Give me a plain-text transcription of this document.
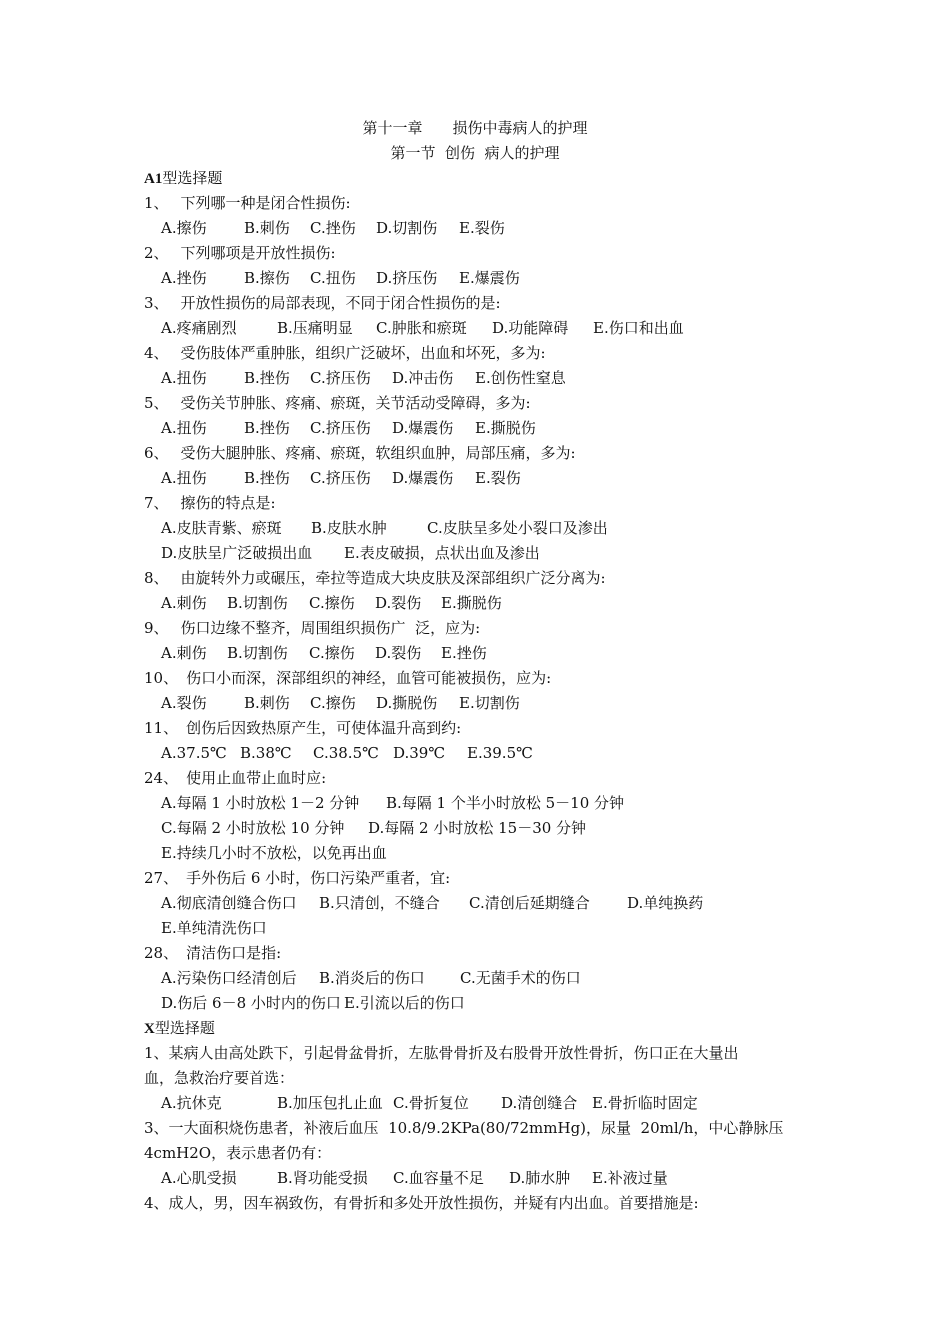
第十一章　　损伤中毒病人的护理
第一节  创伤  病人的护理
A1型选择题
1、 下列哪一种是闭合性损伤:
A.擦伤 B.刺伤 C.挫伤 D.切割伤 E.裂伤
2、 下列哪项是开放性损伤:
A.挫伤 B.擦伤 C.扭伤 D.挤压伤 E.爆震伤
3、 开放性损伤的局部表现，不同于闭合性损伤的是:
A.疼痛剧烈	B.压痛明显 C.肿胀和瘀斑 D.功能障碍 E.伤口和出血
4、 受伤肢体严重肿胀，组织广泛破坏，出血和坏死，多为:
A.扭伤 B.挫伤 C.挤压伤 D.冲击伤 E.创伤性窒息
5、 受伤关节肿胀、疼痛、瘀斑，关节活动受障碍，多为:
A.扭伤 B.挫伤 C.挤压伤 D.爆震伤 E.撕脱伤
6、 受伤大腿肿胀、疼痛、瘀斑，软组织血肿，局部压痛，多为:
A.扭伤 B.挫伤 C.挤压伤 D.爆震伤 E.裂伤
7、 擦伤的特点是:
A.皮肤青紫、瘀斑 B.皮肤水肿	C.皮肤呈多处小裂口及渗出
D.皮肤呈广泛破损出血 E.表皮破损，点状出血及渗出
8、 由旋转外力或碾压，牵拉等造成大块皮肤及深部组织广泛分离为:
A.刺伤 B.切割伤 C.擦伤 D.裂伤 E.撕脱伤
9、 伤口边缘不整齐，周围组织损伤广  泛，应为:
A.刺伤 B.切割伤 C.擦伤 D.裂伤 E.挫伤
10、 伤口小而深，深部组织的神经，血管可能被损伤，应为:
A.裂伤 B.刺伤 C.擦伤 D.撕脱伤 E.切割伤
11、 创伤后因致热原产生，可使体温升高到约:
A.37.5℃ B.38℃ C.38.5℃ D.39℃ E.39.5℃
24、 使用止血带止血时应:
A.每隔 1 小时放松 1－2 分钟 B.每隔 1 个半小时放松 5－10 分钟
C.每隔 2 小时放松 10 分钟 D.每隔 2 小时放松 15－30 分钟
E.持续几小时不放松，以免再出血
27、 手外伤后 6 小时，伤口污染严重者，宜:
A.彻底清创缝合伤口 B.只清创，不缝合 C.清创后延期缝合 D.单纯换药
E.单纯清洗伤口
28、 清洁伤口是指:
A.污染伤口经清创后 B.消炎后的伤口 C.无菌手术的伤口
D.伤后 6－8 小时内的伤口 E.引流以后的伤口
X型选择题
1、某病人由高处跌下，引起骨盆骨折，左肱骨骨折及右股骨开放性骨折，伤口正在大量出
血，急救治疗要首选：
A.抗休克	B.加压包扎止血 C.骨折复位 D.清创缝合 E.骨折临时固定
3、一大面积烧伤患者，补液后血压  10.8/9.2KPa(80/72mmHg)，尿量  20ml/h，中心静脉压
4cmH2O，表示患者仍有：
A.心肌受损	B.肾功能受损 C.血容量不足 D.肺水肿 E.补液过量
4、成人，男，因车祸致伤，有骨折和多处开放性损伤，并疑有内出血。首要措施是:
